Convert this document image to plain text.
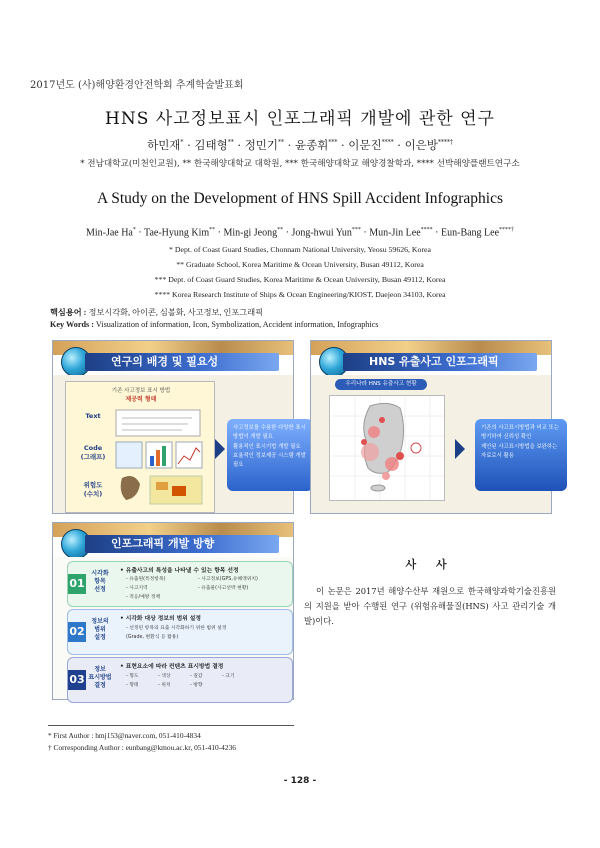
2017년도 (사)해양환경안전학회 추계학술발표회
HNS 사고정보표시 인포그래픽 개발에 관한 연구
하민재* · 김태형** · 정민기** · 윤종휘*** · 이문진**** · 이은방****†
* 전남대학교(미천인교원), ** 한국해양대학교 대학원, *** 한국해양대학교 해양경찰학과, **** 선박해양플랜트연구소
A Study on the Development of HNS Spill Accident Infographics
Min-Jae Ha* · Tae-Hyung Kim** · Min-gi Jeong** · Jong-hwui Yun*** · Mun-Jin Lee**** · Eun-Bang Lee****†
* Dept. of Coast Guard Studies, Chonnam National University, Yeosu 59626, Korea
** Graduate School, Korea Maritime & Ocean University, Busan 49112, Korea
*** Dept. of Coast Guard Studies, Korea Maritime & Ocean University, Busan 49112, Korea
**** Korea Research Institute of Ships & Ocean Engineering/KIOST, Daejeon 34103, Korea
핵심용어 : 정보시각화, 아이콘, 심볼화, 사고정보, 인포그래픽
Key Words : Visualization of information, Icon, Symbolization, Accident information, Infographics
연구의 배경 및 필요성
기존 사고정보 표시 방법
제공력 형태
Text
Code
(그래프)
위험도
(수치)
사고정보를 수용한 다양한 표시방법이 개발 필요
활용적인 표시기법 개발 필요
효율적인 정보제공 시스템 개발 필요
HNS 유출사고 인포그래픽
우리나라 HNS 유출사고 현황
기존의 사고표시방법과 비교 또는 병기하여 신뢰성 확인
제안된 사고표시방법을 보완하는 자료로서 활용
인포그래픽 개발 방향
01
시각화
항목
선정
• 유출사고의 특성을 나타낼 수 있는 항목 선정
- 유출원(특정항목)	- 사고정보(GPS,유해액위치)
- 사고지역	- 유출물(사고선박 현황)
- 적응/예방 정책
02
정보의
범위
설정
• 시각화 대상 정보의 범위 설정
- 선정된 항목의 표출 시각화하기 위한 범위 설정
(Grade, 변환식 등 활용)
03
정보
표시방법
결정
• 표현요소에 따라 컨텐츠 표시방법 결정
- 형도	- 색상	- 질감	- 크기
- 형태	- 위치	- 방향
사 사
이 논문은 2017년 해양수산부 재원으로 한국해양과학기술진흥원의 지원을 받아 수행된 연구 (위험유해물질(HNS) 사고 관리기술 개발)이다.
* First Author : hmj153@naver.com, 051-410-4834
† Corresponding Author : eunbang@kmou.ac.kr, 051-410-4236
- 128 -
